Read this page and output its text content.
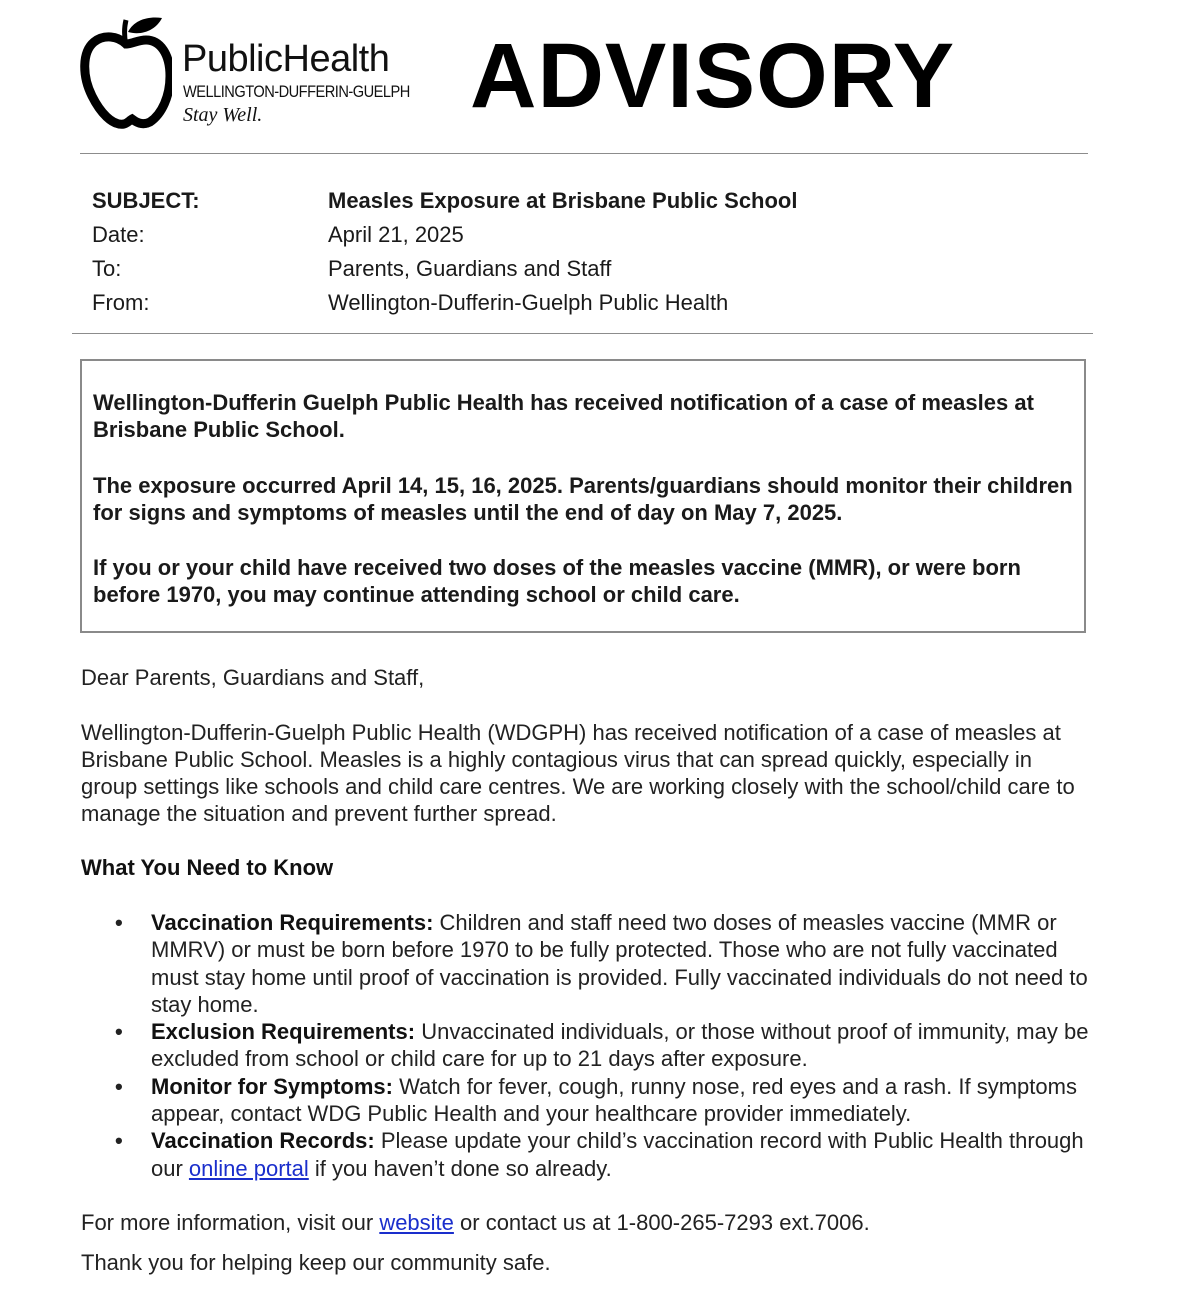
PublicHealth
WELLINGTON-DUFFERIN-GUELPH
Stay Well. ADVISORY
SUBJECT:	Measles Exposure at Brisbane Public School
Date:	April 21, 2025
To:	Parents, Guardians and Staff
From:	Wellington-Dufferin-Guelph Public Health

Wellington-Dufferin Guelph Public Health has received notification of a case of measles at Brisbane Public School.

The exposure occurred April 14, 15, 16, 2025. Parents/guardians should monitor their children for signs and symptoms of measles until the end of day on May 7, 2025.

If you or your child have received two doses of the measles vaccine (MMR), or were born before 1970, you may continue attending school or child care.

Dear Parents, Guardians and Staff,

Wellington-Dufferin-Guelph Public Health (WDGPH) has received notification of a case of measles at Brisbane Public School. Measles is a highly contagious virus that can spread quickly, especially in group settings like schools and child care centres. We are working closely with the school/child care to manage the situation and prevent further spread.

What You Need to Know

• Vaccination Requirements: Children and staff need two doses of measles vaccine (MMR or MMRV) or must be born before 1970 to be fully protected. Those who are not fully vaccinated must stay home until proof of vaccination is provided. Fully vaccinated individuals do not need to stay home.
• Exclusion Requirements: Unvaccinated individuals, or those without proof of immunity, may be excluded from school or child care for up to 21 days after exposure.
• Monitor for Symptoms: Watch for fever, cough, runny nose, red eyes and a rash. If symptoms appear, contact WDG Public Health and your healthcare provider immediately.
• Vaccination Records: Please update your child’s vaccination record with Public Health through our online portal if you haven’t done so already.

For more information, visit our website or contact us at 1-800-265-7293 ext.7006.

Thank you for helping keep our community safe.
